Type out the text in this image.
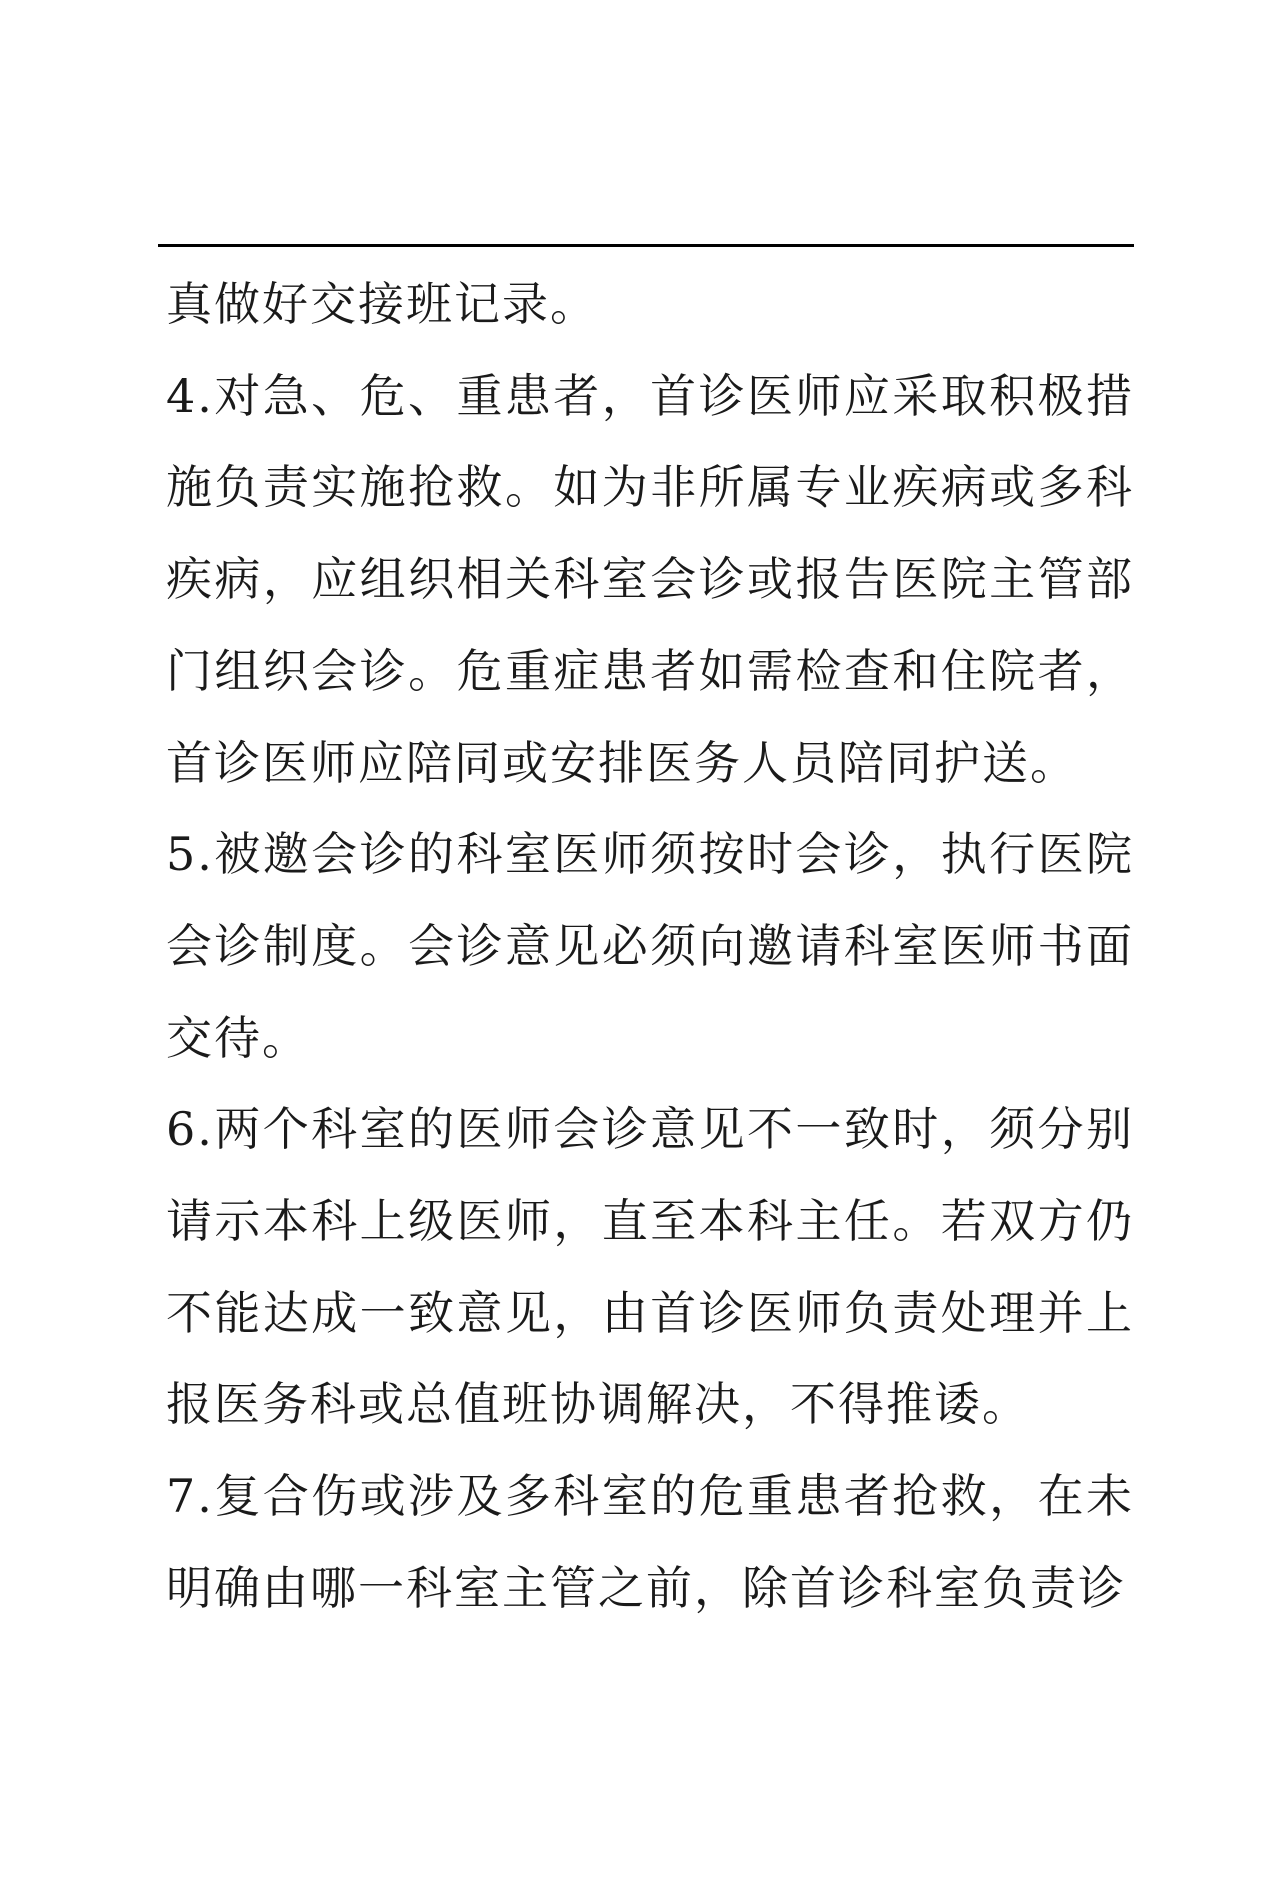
真做好交接班记录。

4.对急、危、重患者，首诊医师应采取积极措施负责实施抢救。如为非所属专业疾病或多科疾病，应组织相关科室会诊或报告医院主管部门组织会诊。危重症患者如需检查和住院者，首诊医师应陪同或安排医务人员陪同护送。

5.被邀会诊的科室医师须按时会诊，执行医院会诊制度。会诊意见必须向邀请科室医师书面交待。

6.两个科室的医师会诊意见不一致时，须分别请示本科上级医师，直至本科主任。若双方仍不能达成一致意见，由首诊医师负责处理并上报医务科或总值班协调解决，不得推诿。

7.复合伤或涉及多科室的危重患者抢救，在未明确由哪一科室主管之前，除首诊科室负责诊
